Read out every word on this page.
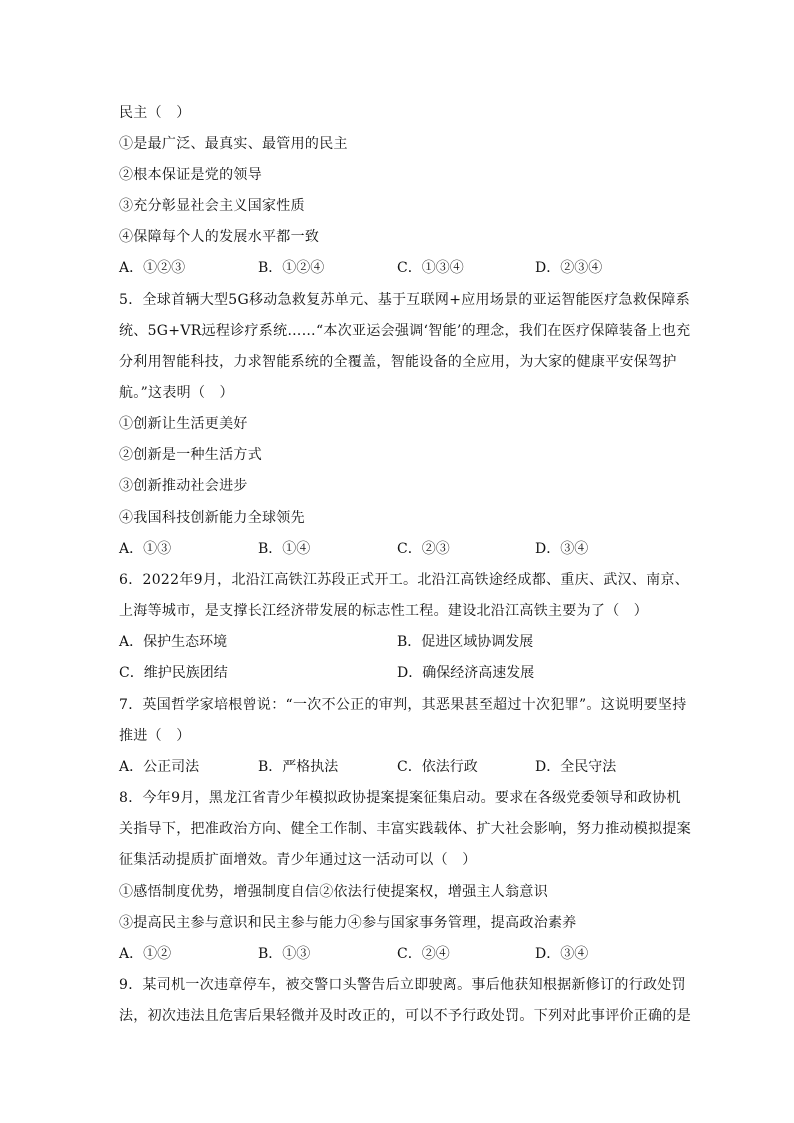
民主（　）
①是最广泛、最真实、最管用的民主
②根本保证是党的领导
③充分彰显社会主义国家性质
④保障每个人的发展水平都一致
A．①②③	B．①②④	C．①③④	D．②③④
5．全球首辆大型5G移动急救复苏单元、基于互联网+应用场景的亚运智能医疗急救保障系
统、5G+VR远程诊疗系统……“本次亚运会强调‘智能’的理念，我们在医疗保障装备上也充
分利用智能科技，力求智能系统的全覆盖，智能设备的全应用，为大家的健康平安保驾护
航。”这表明（　）
①创新让生活更美好
②创新是一种生活方式
③创新推动社会进步
④我国科技创新能力全球领先
A．①③	B．①④	C．②③	D．③④
6．2022年9月，北沿江高铁江苏段正式开工。北沿江高铁途经成都、重庆、武汉、南京、
上海等城市，是支撑长江经济带发展的标志性工程。建设北沿江高铁主要为了（　）
A．保护生态环境	B．促进区域协调发展
C．维护民族团结	D．确保经济高速发展
7．英国哲学家培根曾说：“一次不公正的审判，其恶果甚至超过十次犯罪”。这说明要坚持
推进（　）
A．公正司法	B．严格执法	C．依法行政	D．全民守法
8．今年9月，黑龙江省青少年模拟政协提案提案征集启动。要求在各级党委领导和政协机
关指导下，把准政治方向、健全工作制、丰富实践载体、扩大社会影响，努力推动模拟提案
征集活动提质扩面增效。青少年通过这一活动可以（　）
①感悟制度优势，增强制度自信②依法行使提案权，增强主人翁意识
③提高民主参与意识和民主参与能力④参与国家事务管理，提高政治素养
A．①②	B．①③	C．②④	D．③④
9．某司机一次违章停车，被交警口头警告后立即驶离。事后他获知根据新修订的行政处罚
法，初次违法且危害后果轻微并及时改正的，可以不予行政处罚。下列对此事评价正确的是
